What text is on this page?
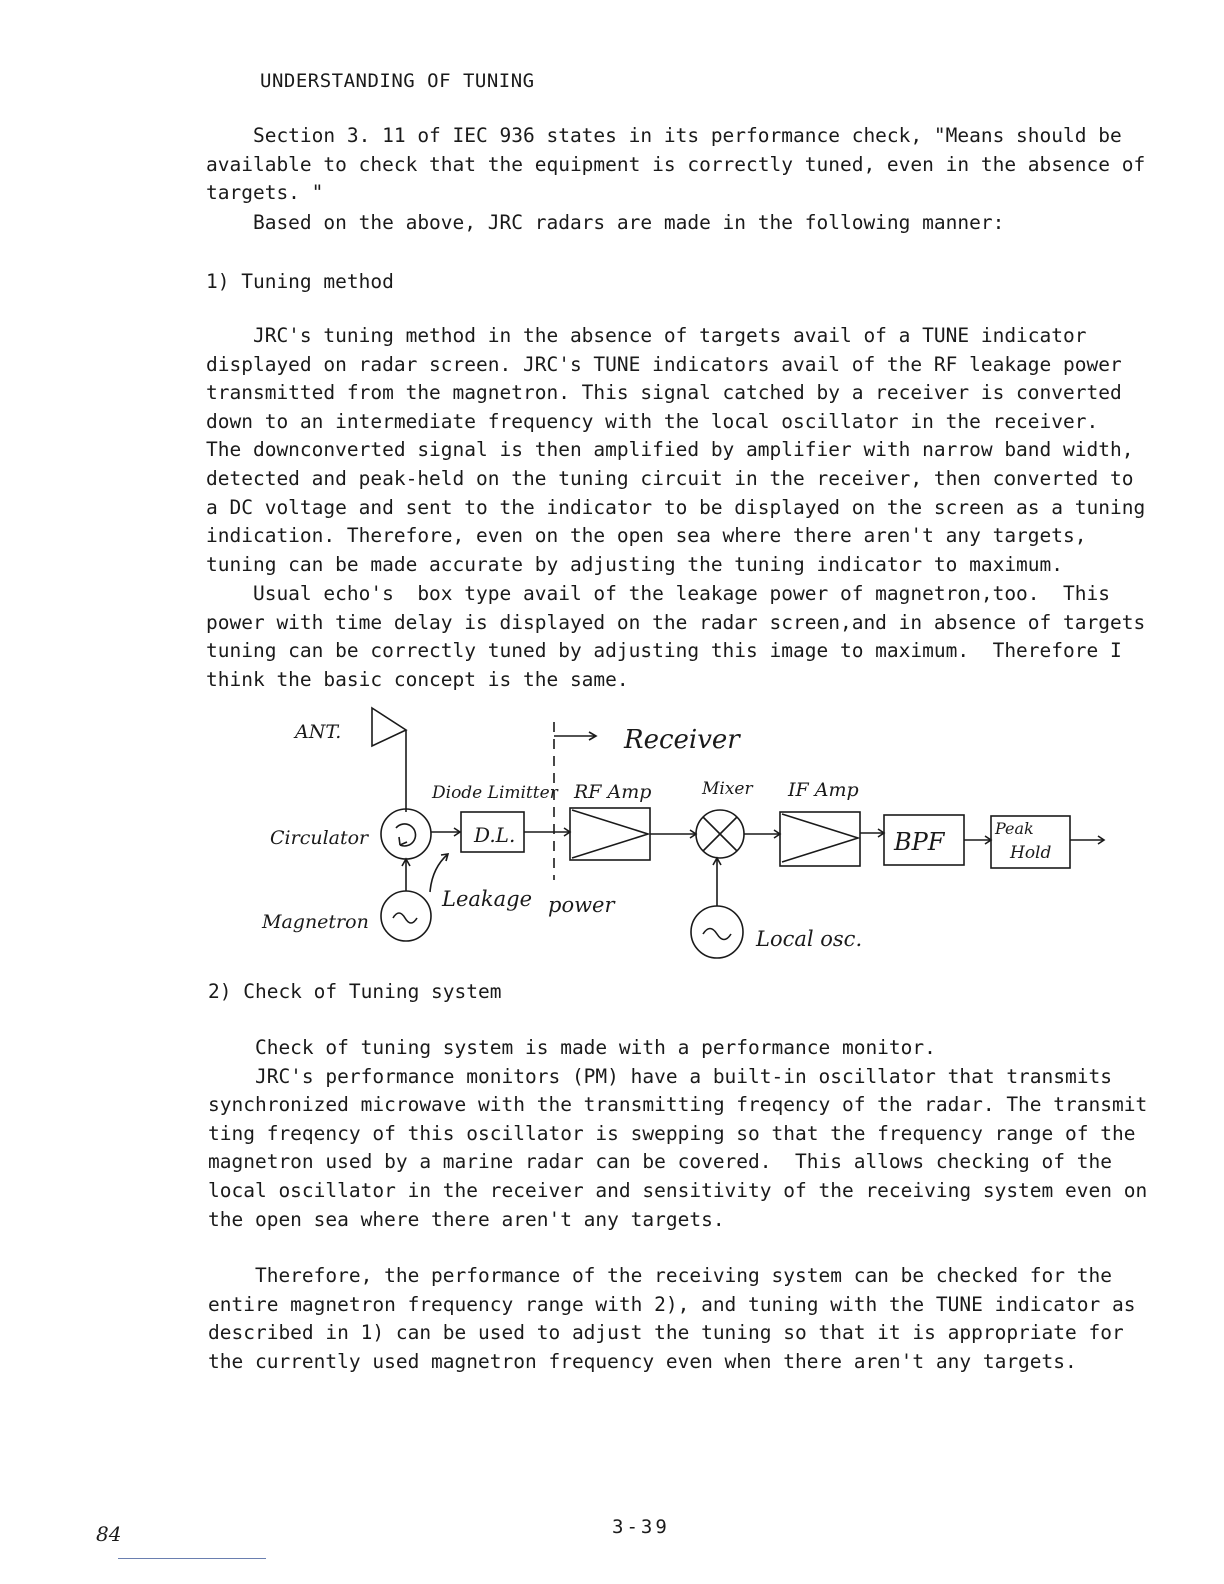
UNDERSTANDING OF TUNING
Section 3. 11 of IEC 936 states in its performance check, "Means should be
available to check that the equipment is correctly tuned, even in the absence of
targets. "
Based on the above, JRC radars are made in the following manner:
1) Tuning method
JRC's tuning method in the absence of targets avail of a TUNE indicator
displayed on radar screen. JRC's TUNE indicators avail of the RF leakage power
transmitted from the magnetron. This signal catched by a receiver is converted
down to an intermediate frequency with the local oscillator in the receiver.
The downconverted signal is then amplified by amplifier with narrow band width,
detected and peak-held on the tuning circuit in the receiver, then converted to
a DC voltage and sent to the indicator to be displayed on the screen as a tuning
indication. Therefore, even on the open sea where there aren't any targets,
tuning can be made accurate by adjusting the tuning indicator to maximum.
Usual echo's  box type avail of the leakage power of magnetron,too.  This
power with time delay is displayed on the radar screen,and in absence of targets
tuning can be correctly tuned by adjusting this image to maximum.  Therefore I
think the basic concept is the same.
ANT.	Receiver
Diode Limitter
D.L.
RF Amp	Mixer IF Amp
BPF	Peak
Hold
Circulator
Magnetron
Leakage power
Local osc.
2) Check of Tuning system
Check of tuning system is made with a performance monitor.
JRC's performance monitors (PM) have a built-in oscillator that transmits
synchronized microwave with the transmitting freqency of the radar. The transmit
ting freqency of this oscillator is swepping so that the frequency range of the
magnetron used by a marine radar can be covered.  This allows checking of the
local oscillator in the receiver and sensitivity of the receiving system even on
the open sea where there aren't any targets.
Therefore, the performance of the receiving system can be checked for the
entire magnetron frequency range with 2), and tuning with the TUNE indicator as
described in 1) can be used to adjust the tuning so that it is appropriate for
the currently used magnetron frequency even when there aren't any targets.
3-39
84
